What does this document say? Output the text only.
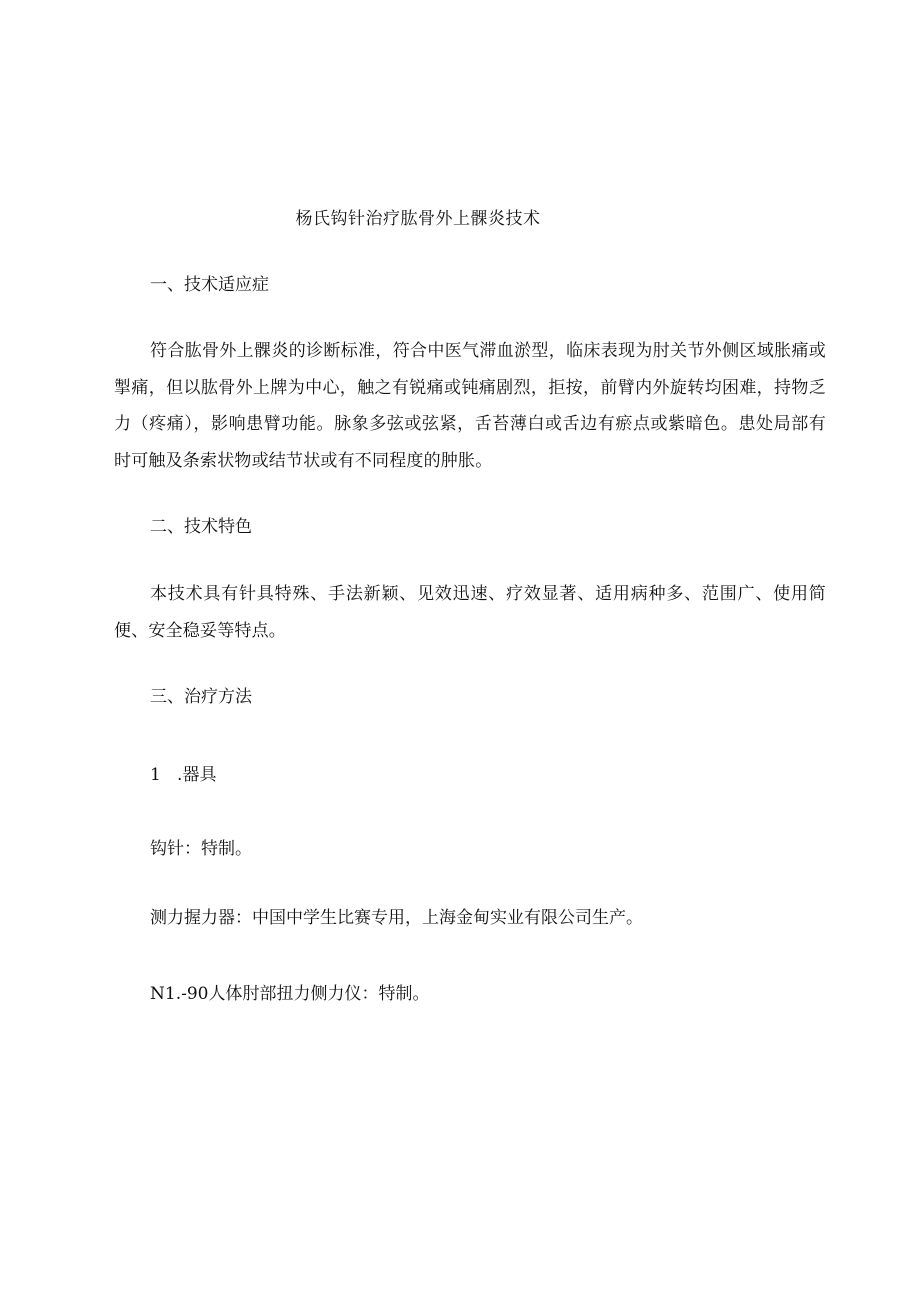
杨氏钩针治疗肱骨外上髁炎技术
一、技术适应症

符合肱骨外上髁炎的诊断标准，符合中医气滞血淤型，临床表现为肘关节外侧区域胀痛或掣痛，但以肱骨外上牌为中心，触之有锐痛或钝痛剧烈，拒按，前臂内外旋转均困难，持物乏力（疼痛），影响患臂功能。脉象多弦或弦紧，舌苔薄白或舌边有瘀点或紫暗色。患处局部有时可触及条索状物或结节状或有不同程度的肿胀。

二、技术特色

本技术具有针具特殊、手法新颖、见效迅速、疗效显著、适用病种多、范围广、使用简便、安全稳妥等特点。

三、治疗方法

1 .器具

钩针：特制。

测力握力器：中国中学生比赛专用，上海金甸实业有限公司生产。

N1.-90人体肘部扭力侧力仪：特制。
